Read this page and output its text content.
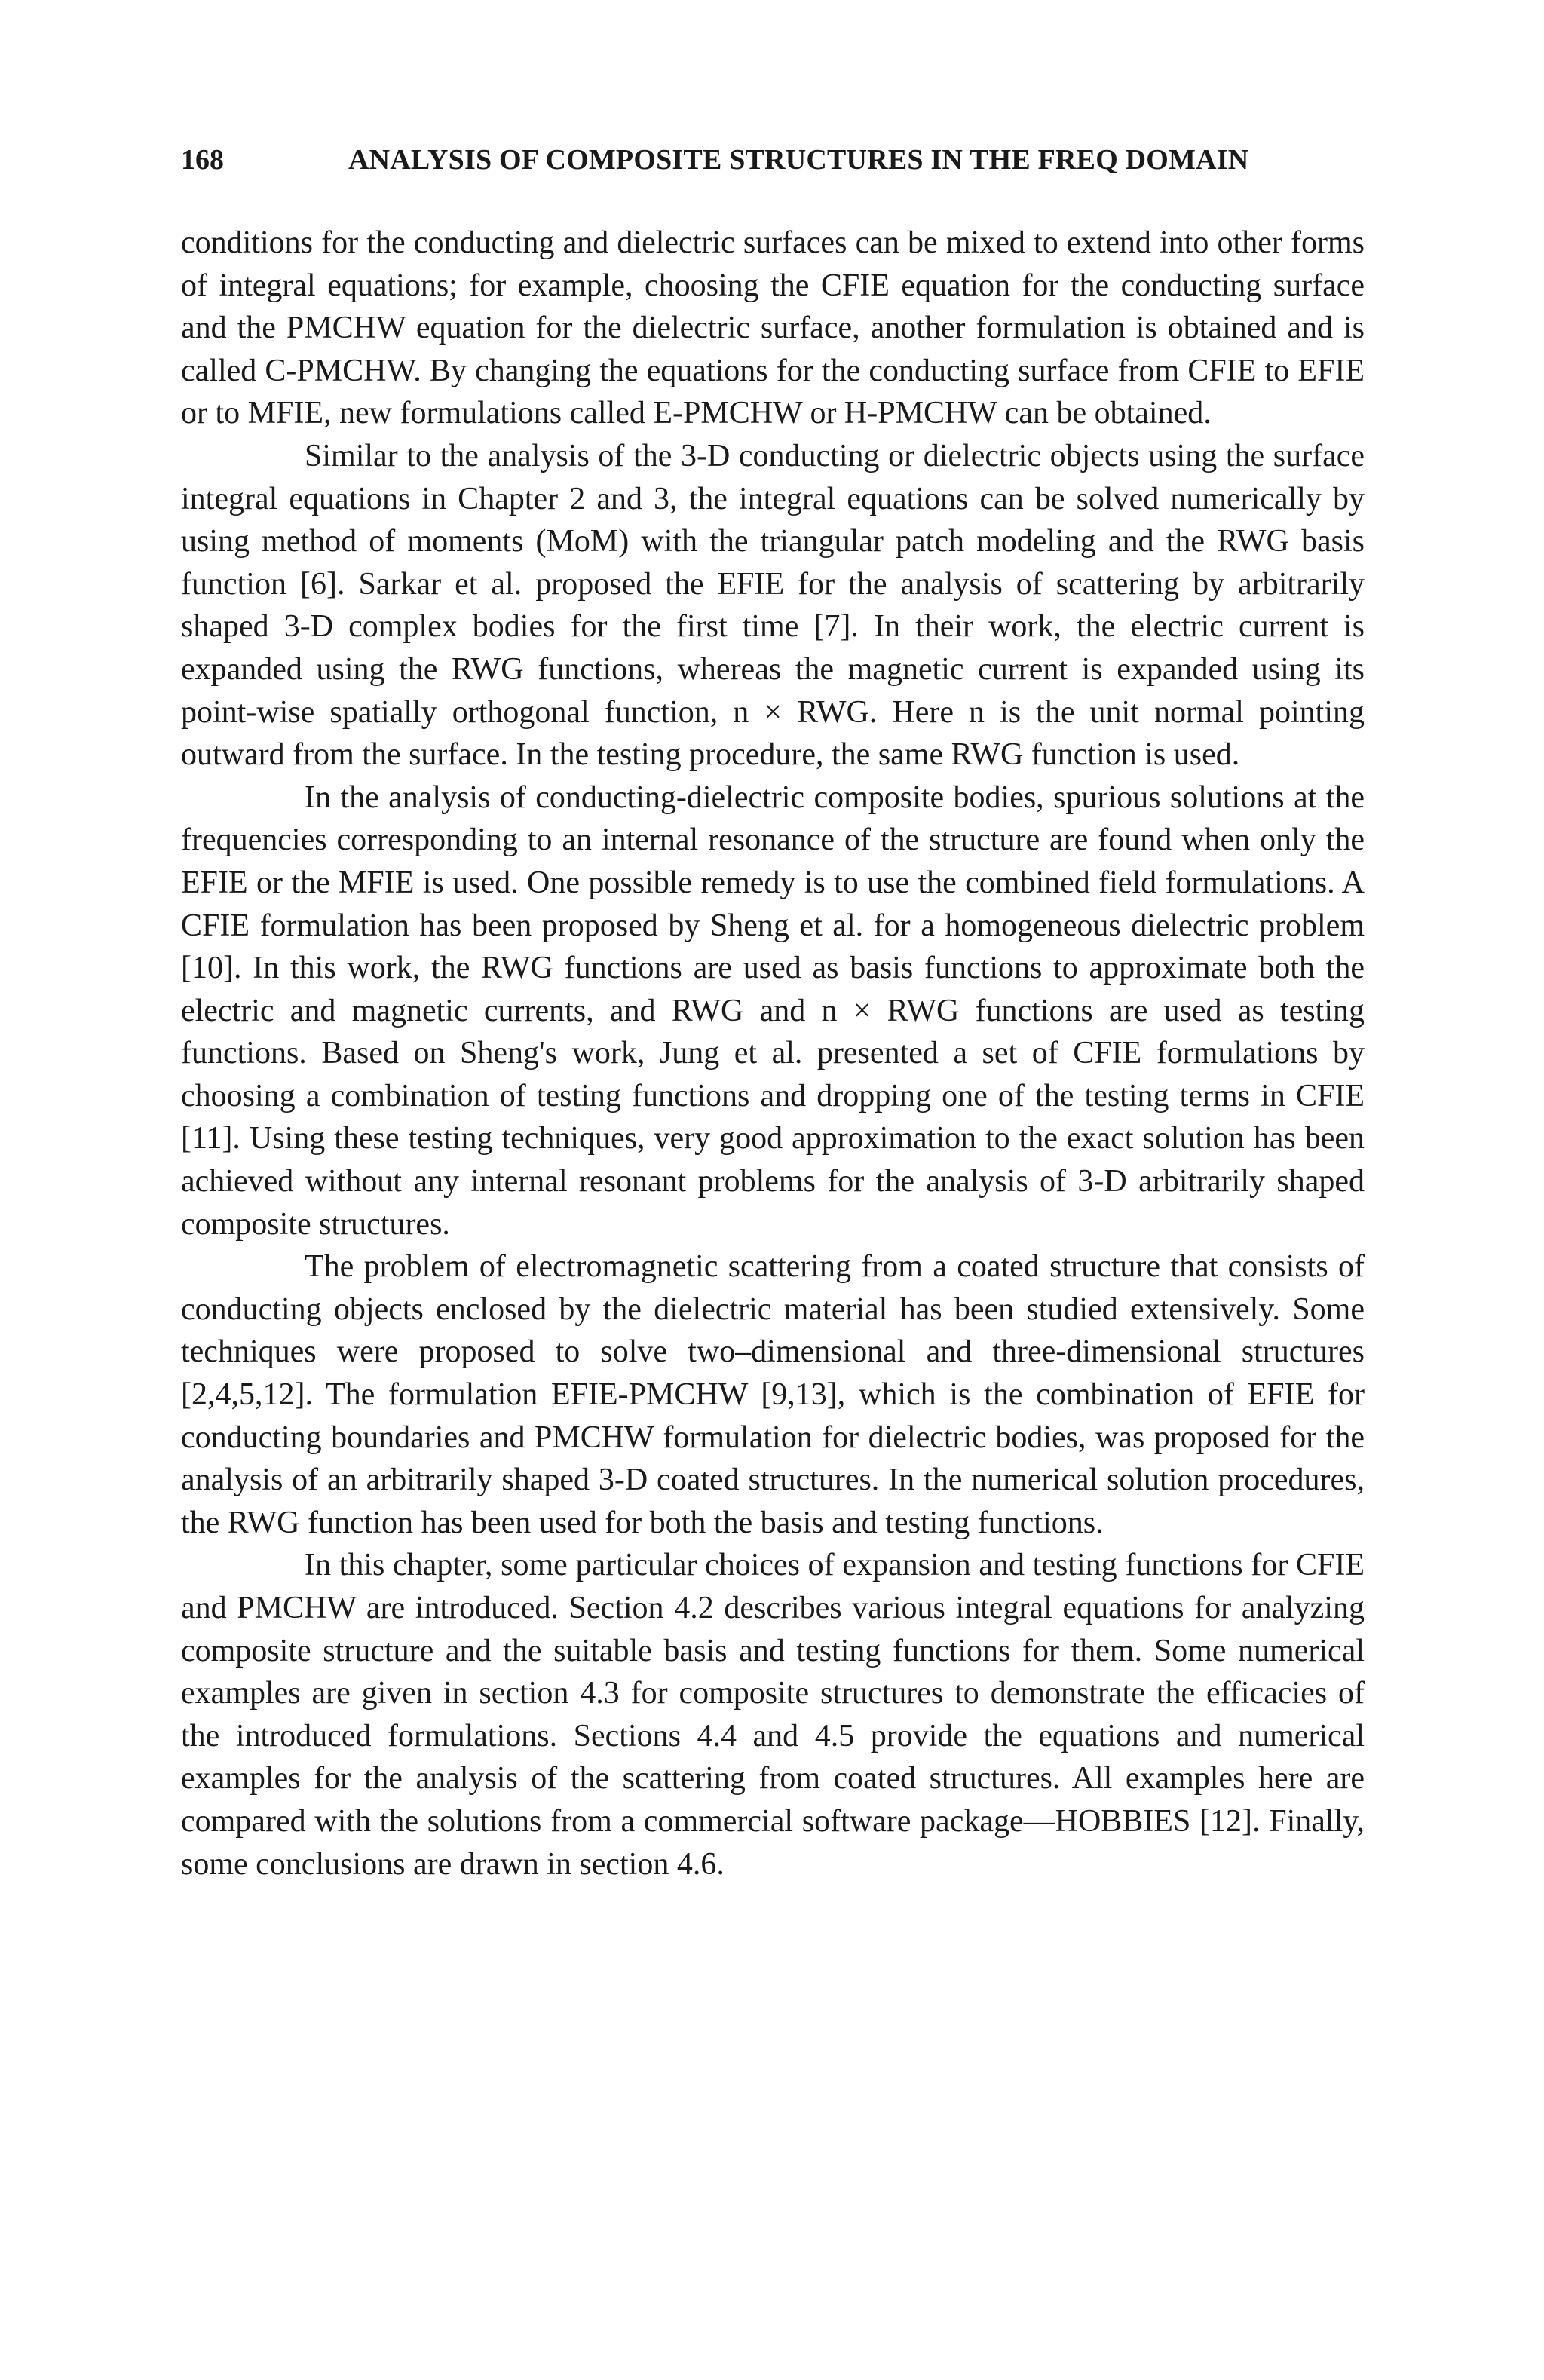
168	ANALYSIS OF COMPOSITE STRUCTURES IN THE FREQ DOMAIN

conditions for the conducting and dielectric surfaces can be mixed to extend into other forms of integral equations; for example, choosing the CFIE equation for the conducting surface and the PMCHW equation for the dielectric surface, another formulation is obtained and is called C-PMCHW. By changing the equations for the conducting surface from CFIE to EFIE or to MFIE, new formulations called E-PMCHW or H-PMCHW can be obtained.

Similar to the analysis of the 3-D conducting or dielectric objects using the surface integral equations in Chapter 2 and 3, the integral equations can be solved numerically by using method of moments (MoM) with the triangular patch modeling and the RWG basis function [6]. Sarkar et al. proposed the EFIE for the analysis of scattering by arbitrarily shaped 3-D complex bodies for the first time [7]. In their work, the electric current is expanded using the RWG functions, whereas the magnetic current is expanded using its point-wise spatially orthogonal function, n × RWG. Here n is the unit normal pointing outward from the surface. In the testing procedure, the same RWG function is used.

In the analysis of conducting-dielectric composite bodies, spurious solutions at the frequencies corresponding to an internal resonance of the structure are found when only the EFIE or the MFIE is used. One possible remedy is to use the combined field formulations. A CFIE formulation has been proposed by Sheng et al. for a homogeneous dielectric problem [10]. In this work, the RWG functions are used as basis functions to approximate both the electric and magnetic currents, and RWG and n × RWG functions are used as testing functions. Based on Sheng's work, Jung et al. presented a set of CFIE formulations by choosing a combination of testing functions and dropping one of the testing terms in CFIE [11]. Using these testing techniques, very good approximation to the exact solution has been achieved without any internal resonant problems for the analysis of 3-D arbitrarily shaped composite structures.

The problem of electromagnetic scattering from a coated structure that consists of conducting objects enclosed by the dielectric material has been studied extensively. Some techniques were proposed to solve two–dimensional and three-dimensional structures [2,4,5,12]. The formulation EFIE-PMCHW [9,13], which is the combination of EFIE for conducting boundaries and PMCHW formulation for dielectric bodies, was proposed for the analysis of an arbitrarily shaped 3-D coated structures. In the numerical solution procedures, the RWG function has been used for both the basis and testing functions.

In this chapter, some particular choices of expansion and testing functions for CFIE and PMCHW are introduced. Section 4.2 describes various integral equations for analyzing composite structure and the suitable basis and testing functions for them. Some numerical examples are given in section 4.3 for composite structures to demonstrate the efficacies of the introduced formulations. Sections 4.4 and 4.5 provide the equations and numerical examples for the analysis of the scattering from coated structures. All examples here are compared with the solutions from a commercial software package—HOBBIES [12]. Finally, some conclusions are drawn in section 4.6.
